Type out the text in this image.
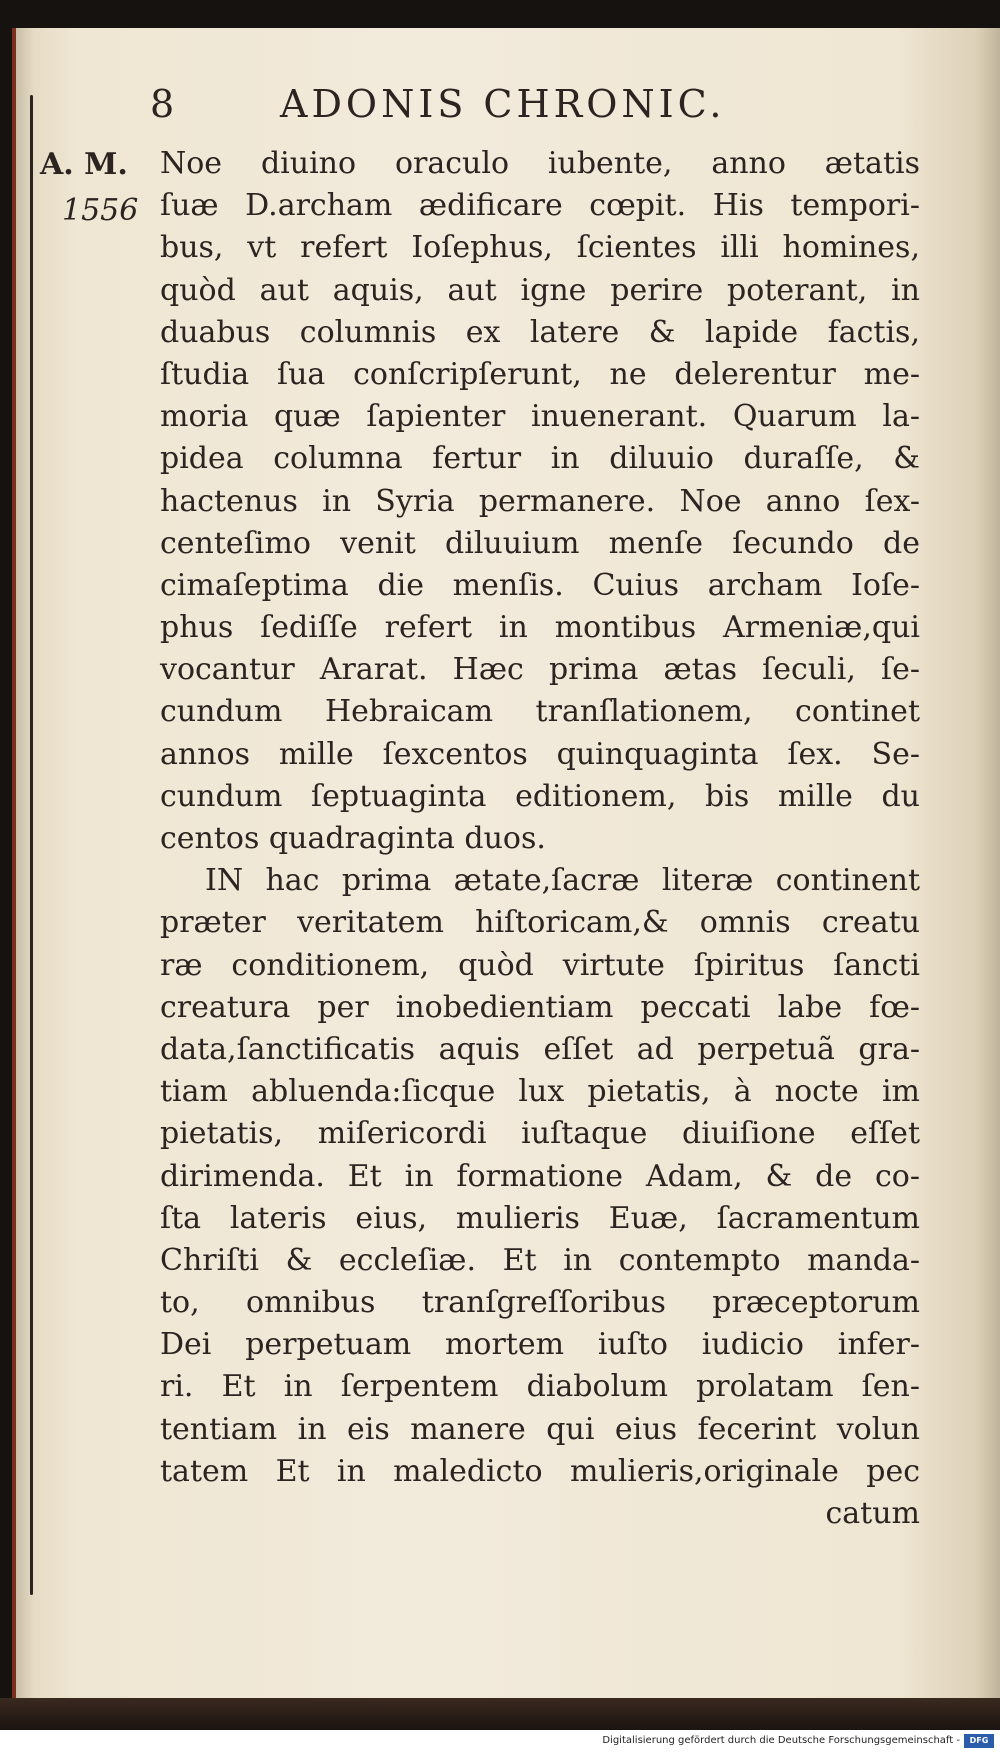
8	ADONIS CHRONIC.
A. M.
1556
Noe diuino oraculo iubente, anno ætatis
ſuæ D.archam ædificare cœpit. His tempori-
bus, vt refert Ioſephus, ſcientes illi homines,
quòd aut aquis, aut igne perire poterant, in
duabus columnis ex latere & lapide factis,
ſtudia ſua conſcripſerunt, ne delerentur me-
moria quæ ſapienter inuenerant. Quarum la-
pidea columna fertur in diluuio duraſſe, &
hactenus in Syria permanere. Noe anno ſex-
centeſimo venit diluuium menſe ſecundo de
cimaſeptima die menſis. Cuius archam Ioſe-
phus ſediſſe refert in montibus Armeniæ,qui
vocantur Ararat. Hæc prima ætas ſeculi, ſe-
cundum Hebraicam tranſlationem, continet
annos mille ſexcentos quinquaginta ſex. Se-
cundum ſeptuaginta editionem, bis mille du
centos quadraginta duos.
IN hac prima ætate,ſacræ literæ continent
præter veritatem hiſtoricam,& omnis creatu
ræ conditionem, quòd virtute ſpiritus ſancti
creatura per inobedientiam peccati labe fœ-
data,ſanctificatis aquis eſſet ad perpetuã gra-
tiam abluenda:ſicque lux pietatis, à nocte im
pietatis, miſericordi iuſtaque diuiſione eſſet
dirimenda. Et in formatione Adam, & de co-
ſta lateris eius, mulieris Euæ, ſacramentum
Chriſti & eccleſiæ. Et in contempto manda-
to, omnibus tranſgreſſoribus præceptorum
Dei perpetuam mortem iuſto iudicio infer-
ri. Et in ſerpentem diabolum prolatam ſen-
tentiam in eis manere qui eius fecerint volun
tatem Et in maledicto mulieris,originale pec
catum
Digitalisierung gefördert durch die Deutsche Forschungsgemeinschaft -	DFG
